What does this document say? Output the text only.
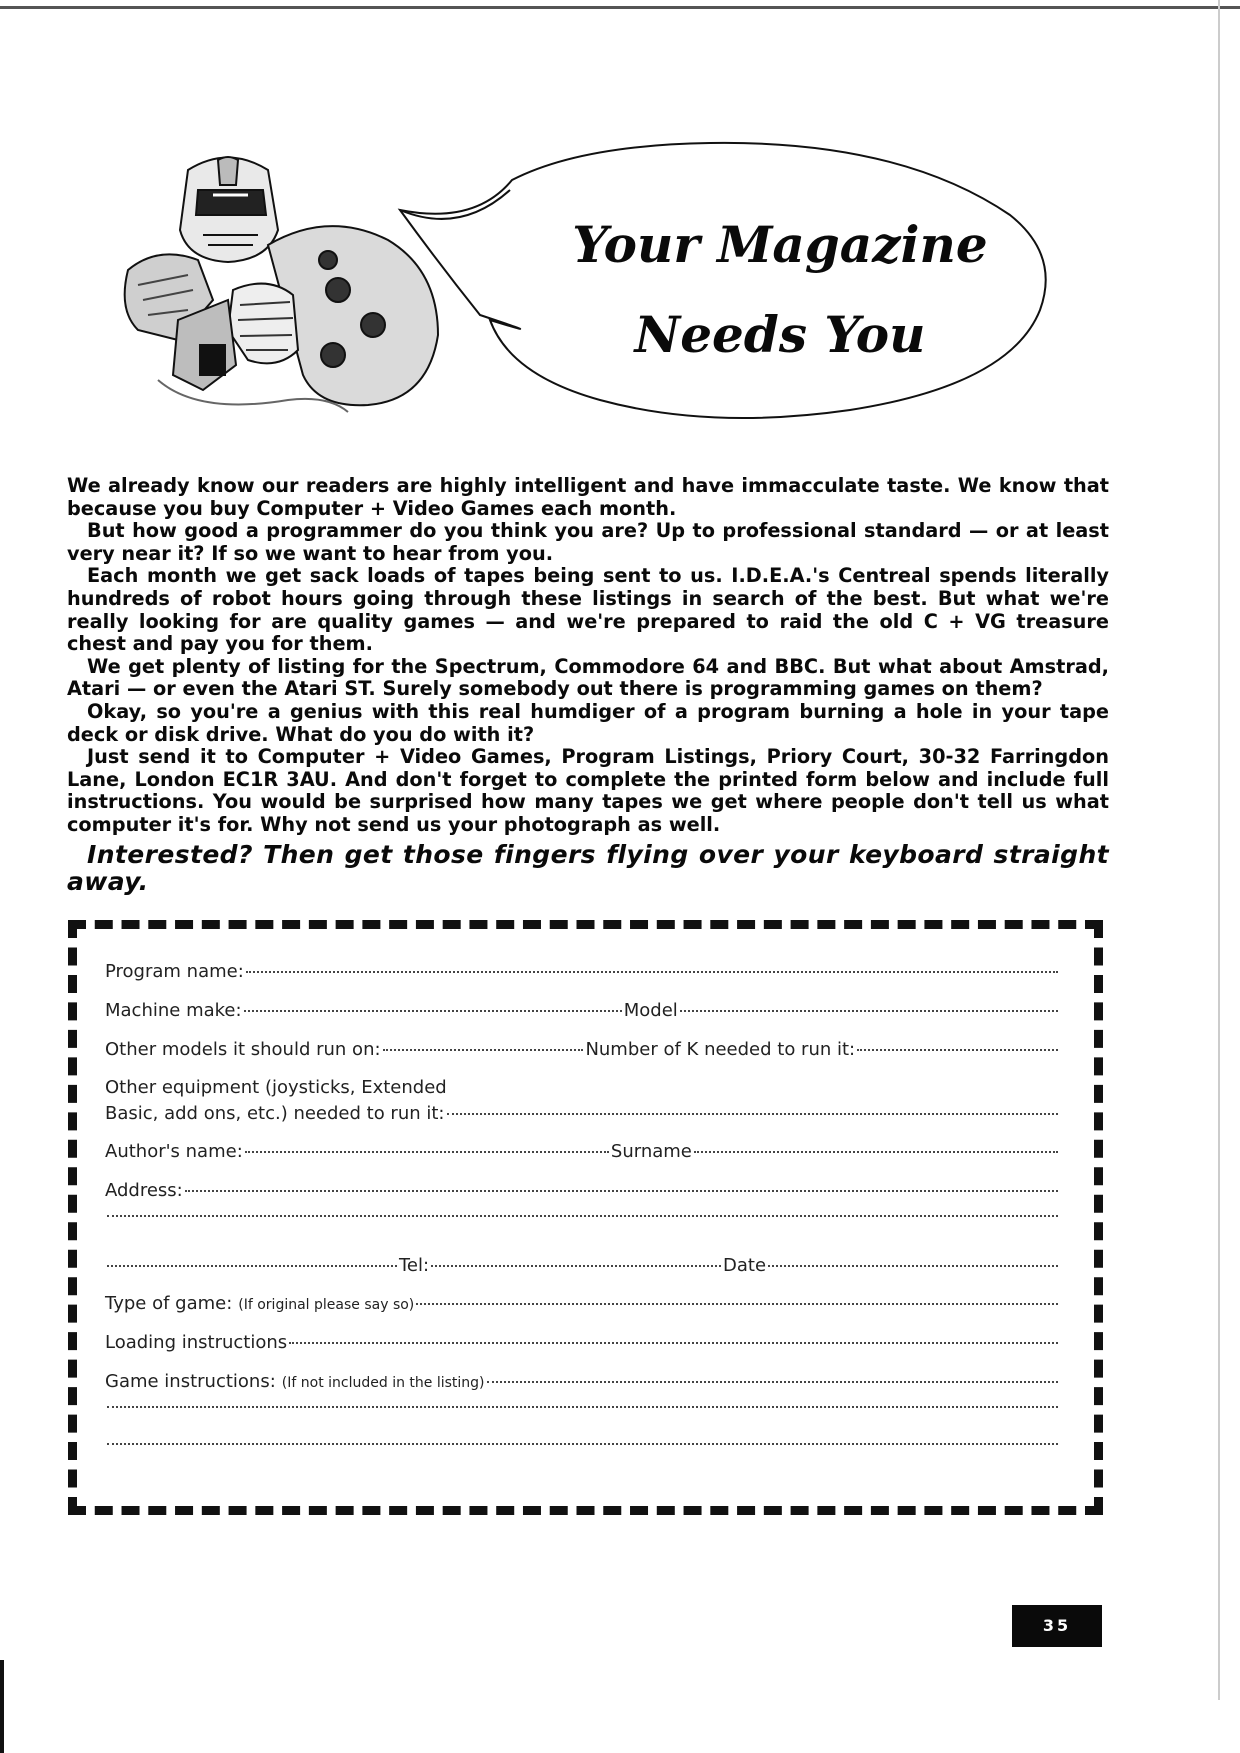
Your Magazine
Needs You

We already know our readers are highly intelligent and have immacculate taste. We know that because you buy Computer + Video Games each month.

But how good a programmer do you think you are? Up to professional standard — or at least very near it? If so we want to hear from you.

Each month we get sack loads of tapes being sent to us. I.D.E.A.'s Centreal spends literally hundreds of robot hours going through these listings in search of the best. But what we're really looking for are quality games — and we're prepared to raid the old C + VG treasure chest and pay you for them.

We get plenty of listing for the Spectrum, Commodore 64 and BBC. But what about Amstrad, Atari — or even the Atari ST. Surely somebody out there is programming games on them?

Okay, so you're a genius with this real humdiger of a program burning a hole in your tape deck or disk drive. What do you do with it?

Just send it to Computer + Video Games, Program Listings, Priory Court, 30-32 Farringdon Lane, London EC1R 3AU. And don't forget to complete the printed form below and include full instructions. You would be surprised how many tapes we get where people don't tell us what computer it's for. Why not send us your photograph as well.

Interested? Then get those fingers flying over your keyboard straight away.

Program name:
Machine make:	Model
Other models it should run on:	Number of K needed to run it:
Other equipment (joysticks, Extended
Basic, add ons, etc.) needed to run it:
Author's name:	Surname
Address:
Tel:	Date
Type of game: (If original please say so)
Loading instructions
Game instructions: (If not included in the listing)
35
